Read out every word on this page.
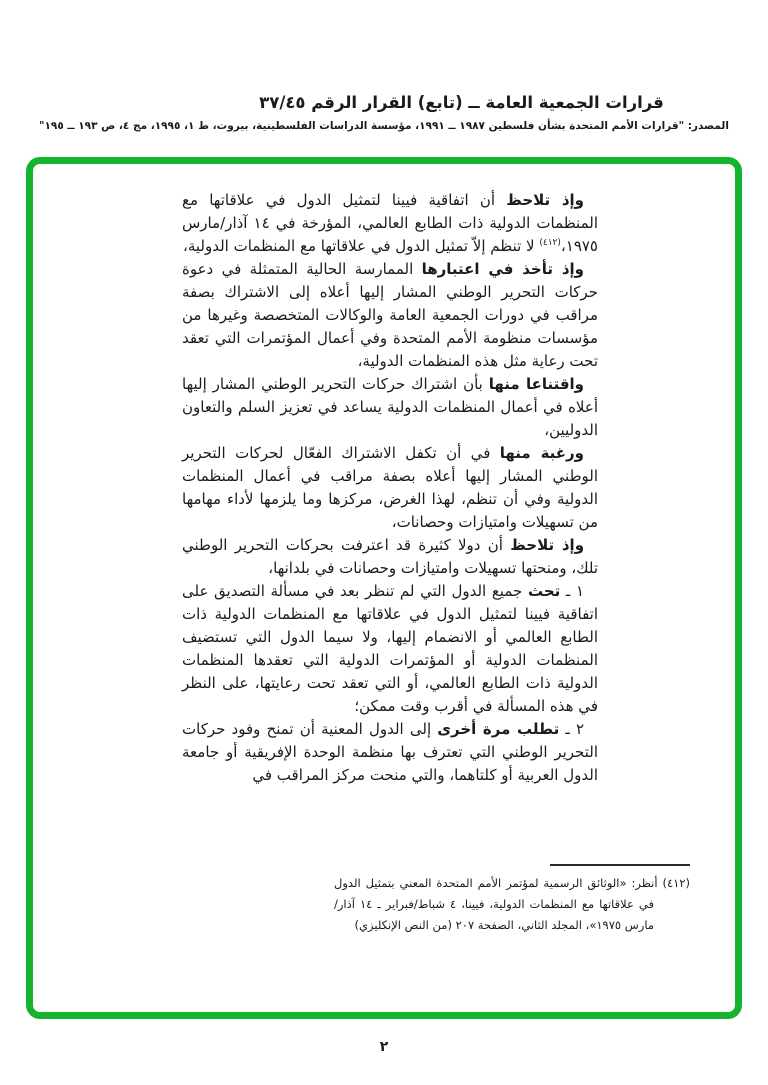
قرارات الجمعية العامة ــ (تابع) القرار الرقم ٣٧/٤٥
المصدر: "قرارات الأمم المتحدة بشأن فلسطين ١٩٨٧ ــ ١٩٩١، مؤسسة الدراسات الفلسطينية، بيروت، ط ١، ١٩٩٥، مج ٤، ص ١٩٣ ــ ١٩٥"

وإذ تلاحظ أن اتفاقية فيينا لتمثيل الدول في علاقاتها مع المنظمات الدولية ذات الطابع العالمي، المؤرخة في ١٤ آذار/مارس ١٩٧٥،$^{(٤١٢)}$ لا تنظم إلاّ تمثيل الدول في علاقاتها مع المنظمات الدولية،

وإذ تأخذ في اعتبارها الممارسة الحالية المتمثلة في دعوة حركات التحرير الوطني المشار إليها أعلاه إلى الاشتراك بصفة مراقب في دورات الجمعية العامة والوكالات المتخصصة وغيرها من مؤسسات منظومة الأمم المتحدة وفي أعمال المؤتمرات التي تعقد تحت رعاية مثل هذه المنظمات الدولية،

واقتناعا منها بأن اشتراك حركات التحرير الوطني المشار إليها أعلاه في أعمال المنظمات الدولية يساعد في تعزيز السلم والتعاون الدوليين،

ورغبة منها في أن تكفل الاشتراك الفعّال لحركات التحرير الوطني المشار إليها أعلاه بصفة مراقب في أعمال المنظمات الدولية وفي أن تنظم، لهذا الغرض، مركزها وما يلزمها لأداء مهامها من تسهيلات وامتيازات وحصانات،

وإذ تلاحظ أن دولا كثيرة قد اعترفت بحركات التحرير الوطني تلك، ومنحتها تسهيلات وامتيازات وحصانات في بلدانها،

١ ـ تحث جميع الدول التي لم تنظر بعد في مسألة التصديق على اتفاقية فيينا لتمثيل الدول في علاقاتها مع المنظمات الدولية ذات الطابع العالمي أو الانضمام إليها، ولا سيما الدول التي تستضيف المنظمات الدولية أو المؤتمرات الدولية التي تعقدها المنظمات الدولية ذات الطابع العالمي، أو التي تعقد تحت رعايتها، على النظر في هذه المسألة في أقرب وقت ممكن؛

٢ ـ تطلب مرة أخرى إلى الدول المعنية أن تمنح وفود حركات التحرير الوطني التي تعترف بها منظمة الوحدة الإفريقية أو جامعة الدول العربية أو كلتاهما، والتي منحت مركز المراقب في

(٤١٢) أنظر: «الوثائق الرسمية لمؤتمر الأمم المتحدة المعني بتمثيل الدول في علاقاتها مع المنظمات الدولية، فيينا، ٤ شباط/فبراير ـ ١٤ آذار/مارس ١٩٧٥»، المجلد الثاني، الصفحة ٢٠٧ (من النص الإنكليزي)

٢
